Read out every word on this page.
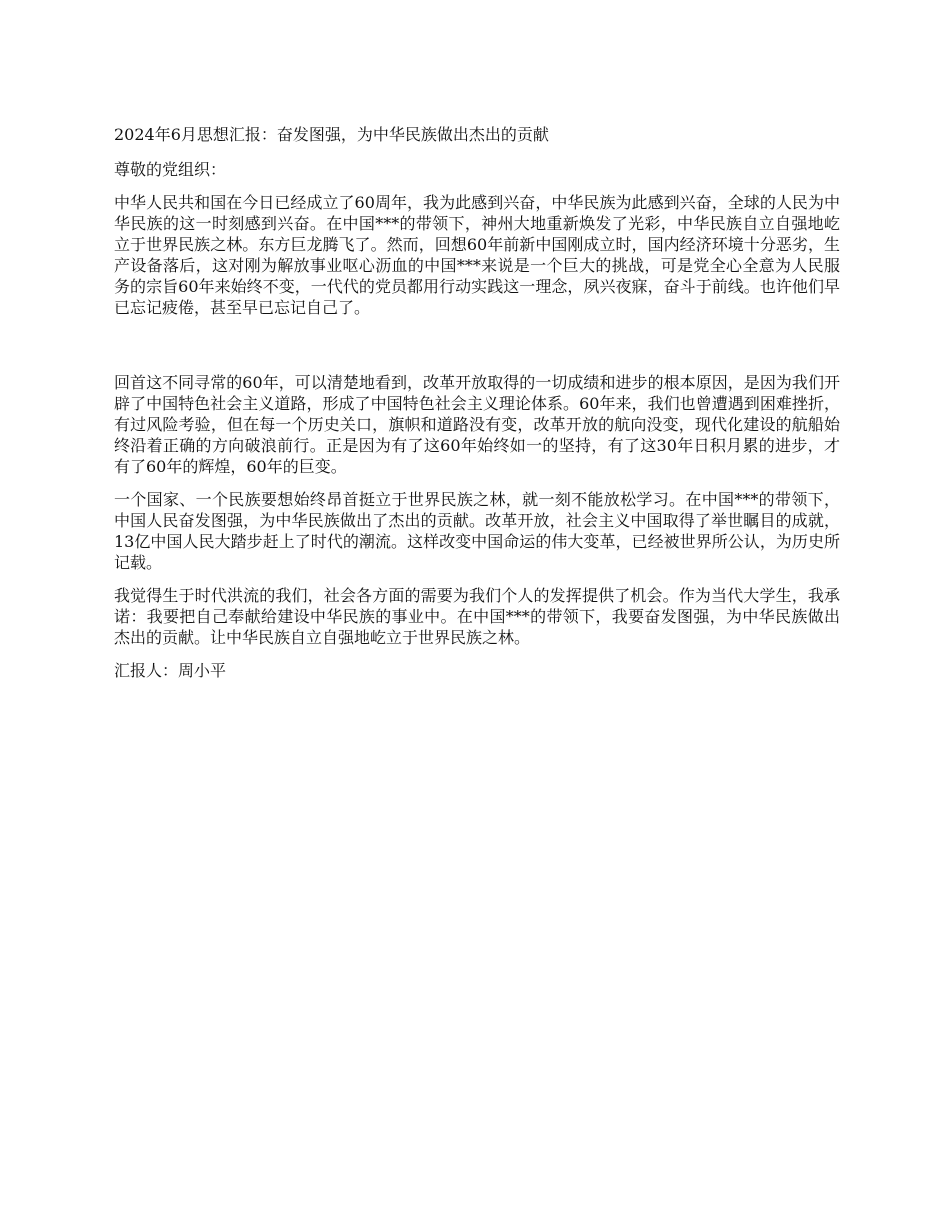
2024年6月思想汇报：奋发图强，为中华民族做出杰出的贡献

尊敬的党组织：

中华人民共和国在今日已经成立了60周年，我为此感到兴奋，中华民族为此感到兴奋，全球的人民为中华民族的这一时刻感到兴奋。在中国***的带领下，神州大地重新焕发了光彩，中华民族自立自强地屹立于世界民族之林。东方巨龙腾飞了。然而，回想60年前新中国刚成立时，国内经济环境十分恶劣，生产设备落后，这对刚为解放事业呕心沥血的中国***来说是一个巨大的挑战，可是党全心全意为人民服务的宗旨60年来始终不变，一代代的党员都用行动实践这一理念，夙兴夜寐，奋斗于前线。也许他们早已忘记疲倦，甚至早已忘记自己了。

回首这不同寻常的60年，可以清楚地看到，改革开放取得的一切成绩和进步的根本原因，是因为我们开辟了中国特色社会主义道路，形成了中国特色社会主义理论体系。60年来，我们也曾遭遇到困难挫折，有过风险考验，但在每一个历史关口，旗帜和道路没有变，改革开放的航向没变，现代化建设的航船始终沿着正确的方向破浪前行。正是因为有了这60年始终如一的坚持，有了这30年日积月累的进步，才有了60年的辉煌，60年的巨变。

一个国家、一个民族要想始终昂首挺立于世界民族之林，就一刻不能放松学习。在中国***的带领下，中国人民奋发图强，为中华民族做出了杰出的贡献。改革开放，社会主义中国取得了举世瞩目的成就，13亿中国人民大踏步赶上了时代的潮流。这样改变中国命运的伟大变革，已经被世界所公认，为历史所记载。

我觉得生于时代洪流的我们，社会各方面的需要为我们个人的发挥提供了机会。作为当代大学生，我承诺：我要把自己奉献给建设中华民族的事业中。在中国***的带领下，我要奋发图强，为中华民族做出杰出的贡献。让中华民族自立自强地屹立于世界民族之林。

汇报人：周小平
